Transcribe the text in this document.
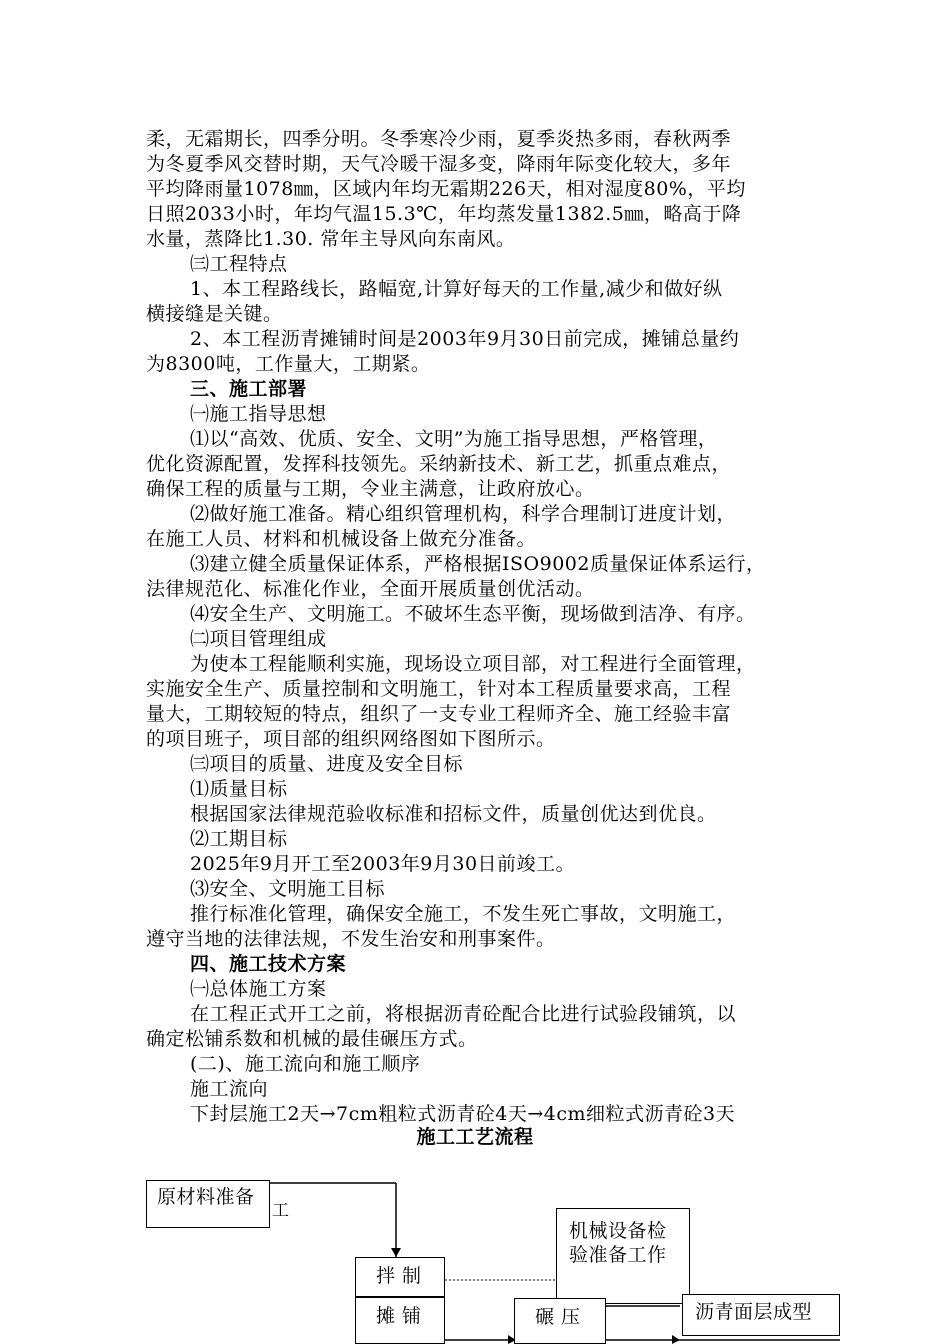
柔，无霜期长，四季分明。冬季寒冷少雨，夏季炎热多雨，春秋两季
为冬夏季风交替时期，天气冷暖干湿多变，降雨年际变化较大，多年
平均降雨量1078㎜，区域内年均无霜期226天，相对湿度80%，平均
日照2033小时，年均气温15.3℃，年均蒸发量1382.5㎜，略高于降
水量，蒸降比1.30. 常年主导风向东南风。
㈢工程特点
1、本工程路线长，路幅宽,计算好每天的工作量,减少和做好纵
横接缝是关键。
2、本工程沥青摊铺时间是2003年9月30日前完成，摊铺总量约
为8300吨，工作量大，工期紧。
三、施工部署
㈠施工指导思想
⑴以“高效、优质、安全、文明”为施工指导思想，严格管理，
优化资源配置，发挥科技领先。采纳新技术、新工艺，抓重点难点，
确保工程的质量与工期，令业主满意，让政府放心。
⑵做好施工准备。精心组织管理机构，科学合理制订进度计划，
在施工人员、材料和机械设备上做充分准备。
⑶建立健全质量保证体系，严格根据ISO9002质量保证体系运行，
法律规范化、标准化作业，全面开展质量创优活动。
⑷安全生产、文明施工。不破坏生态平衡，现场做到洁净、有序。
㈡项目管理组成
为使本工程能顺利实施，现场设立项目部，对工程进行全面管理，
实施安全生产、质量控制和文明施工，针对本工程质量要求高，工程
量大，工期较短的特点，组织了一支专业工程师齐全、施工经验丰富
的项目班子，项目部的组织网络图如下图所示。
㈢项目的质量、进度及安全目标
⑴质量目标
根据国家法律规范验收标准和招标文件，质量创优达到优良。
⑵工期目标
2025年9月开工至2003年9月30日前竣工。
⑶安全、文明施工目标
推行标准化管理，确保安全施工，不发生死亡事故，文明施工，
遵守当地的法律法规，不发生治安和刑事案件。
四、施工技术方案
㈠总体施工方案
在工程正式开工之前，将根据沥青砼配合比进行试验段铺筑，以
确定松铺系数和机械的最佳碾压方式。
(二)、施工流向和施工顺序
施工流向
下封层施工2天→7cm粗粒式沥青砼4天→4cm细粒式沥青砼3天
施工工艺流程
原材料准备
工
机械设备检
验准备工作
拌 制
摊 铺	碾 压	沥青面层成型
